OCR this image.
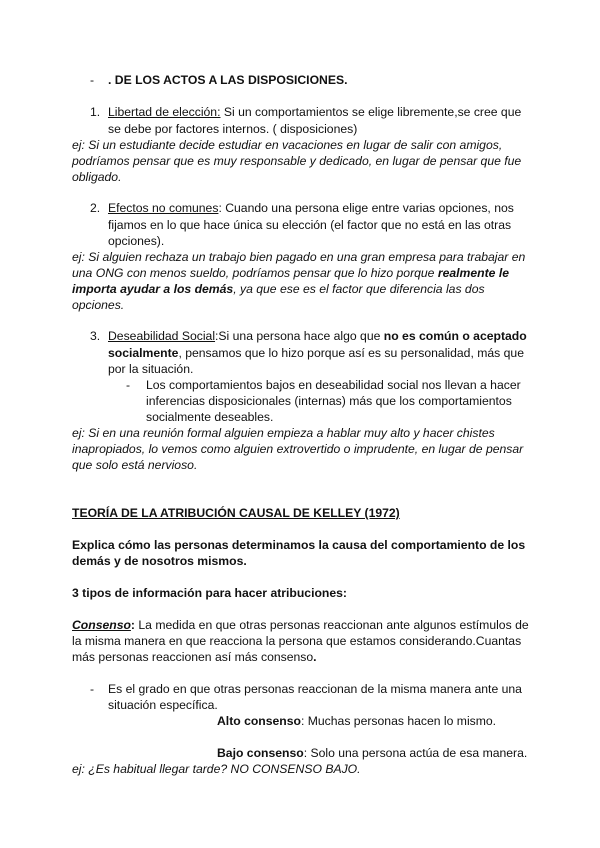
- . DE LOS ACTOS A LAS DISPOSICIONES.
1. Libertad de elección: Si un comportamientos se elige libremente,se cree que
se debe por factores internos. ( disposiciones)
ej: Si un estudiante decide estudiar en vacaciones en lugar de salir con amigos,
podríamos pensar que es muy responsable y dedicado, en lugar de pensar que fue
obligado.
2. Efectos no comunes: Cuando una persona elige entre varias opciones, nos
fijamos en lo que hace única su elección (el factor que no está en las otras
opciones).
ej: Si alguien rechaza un trabajo bien pagado en una gran empresa para trabajar en
una ONG con menos sueldo, podríamos pensar que lo hizo porque realmente le
importa ayudar a los demás, ya que ese es el factor que diferencia las dos
opciones.
3. Deseabilidad Social:Si una persona hace algo que no es común o aceptado
socialmente, pensamos que lo hizo porque así es su personalidad, más que
por la situación.
- Los comportamientos bajos en deseabilidad social nos llevan a hacer
inferencias disposicionales (internas) más que los comportamientos
socialmente deseables.
ej: Si en una reunión formal alguien empieza a hablar muy alto y hacer chistes
inapropiados, lo vemos como alguien extrovertido o imprudente, en lugar de pensar
que solo está nervioso.
TEORÍA DE LA ATRIBUCIÓN CAUSAL DE KELLEY (1972)
Explica cómo las personas determinamos la causa del comportamiento de los
demás y de nosotros mismos.
3 tipos de información para hacer atribuciones:
Consenso: La medida en que otras personas reaccionan ante algunos estímulos de
la misma manera en que reacciona la persona que estamos considerando.Cuantas
más personas reaccionen así más consenso.
- Es el grado en que otras personas reaccionan de la misma manera ante una
situación específica.
Alto consenso: Muchas personas hacen lo mismo.
Bajo consenso: Solo una persona actúa de esa manera.
ej: ¿Es habitual llegar tarde? NO CONSENSO BAJO.
